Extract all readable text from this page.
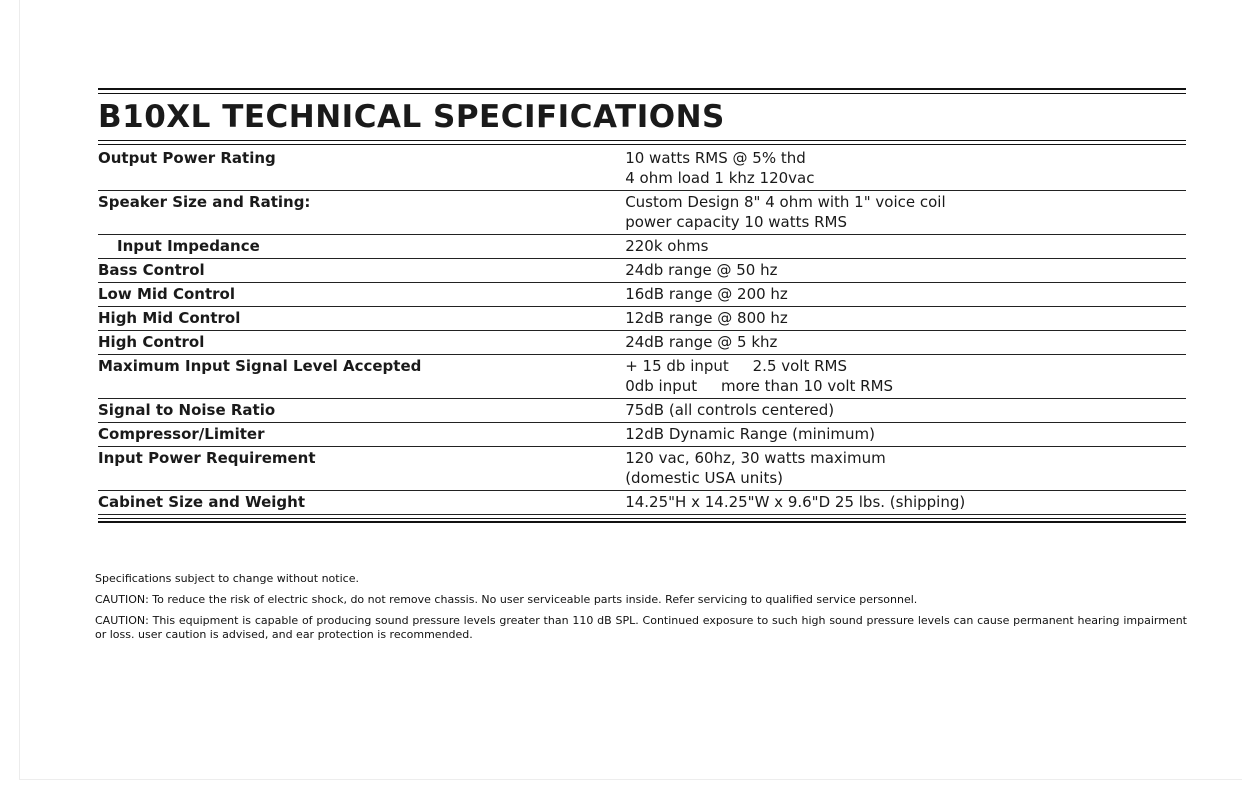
B10XL TECHNICAL SPECIFICATIONS
Output Power Rating	10 watts RMS @ 5% thd
4 ohm load 1 khz 120vac

Speaker Size and Rating:	Custom Design 8" 4 ohm with 1" voice coil
power capacity 10 watts RMS

Input Impedance	220k ohms

Bass Control	24db range @ 50 hz

Low Mid Control	16dB range @ 200 hz

High Mid Control	12dB range @ 800 hz

High Control	24dB range @ 5 khz

Maximum Input Signal Level Accepted	+ 15 db input     2.5 volt RMS
0db input     more than 10 volt RMS

Signal to Noise Ratio	75dB (all controls centered)

Compressor/Limiter	12dB Dynamic Range (minimum)

Input Power Requirement	120 vac, 60hz, 30 watts maximum
(domestic USA units)

Cabinet Size and Weight	14.25"H x 14.25"W x 9.6"D 25 lbs. (shipping)

Specifications subject to change without notice.

CAUTION: To reduce the risk of electric shock, do not remove chassis. No user serviceable parts inside. Refer servicing to qualified service personnel.

CAUTION: This equipment is capable of producing sound pressure levels greater than 110 dB SPL. Continued exposure to such high sound pressure levels can cause permanent hearing impairment or loss. user caution is advised, and ear protection is recommended.
